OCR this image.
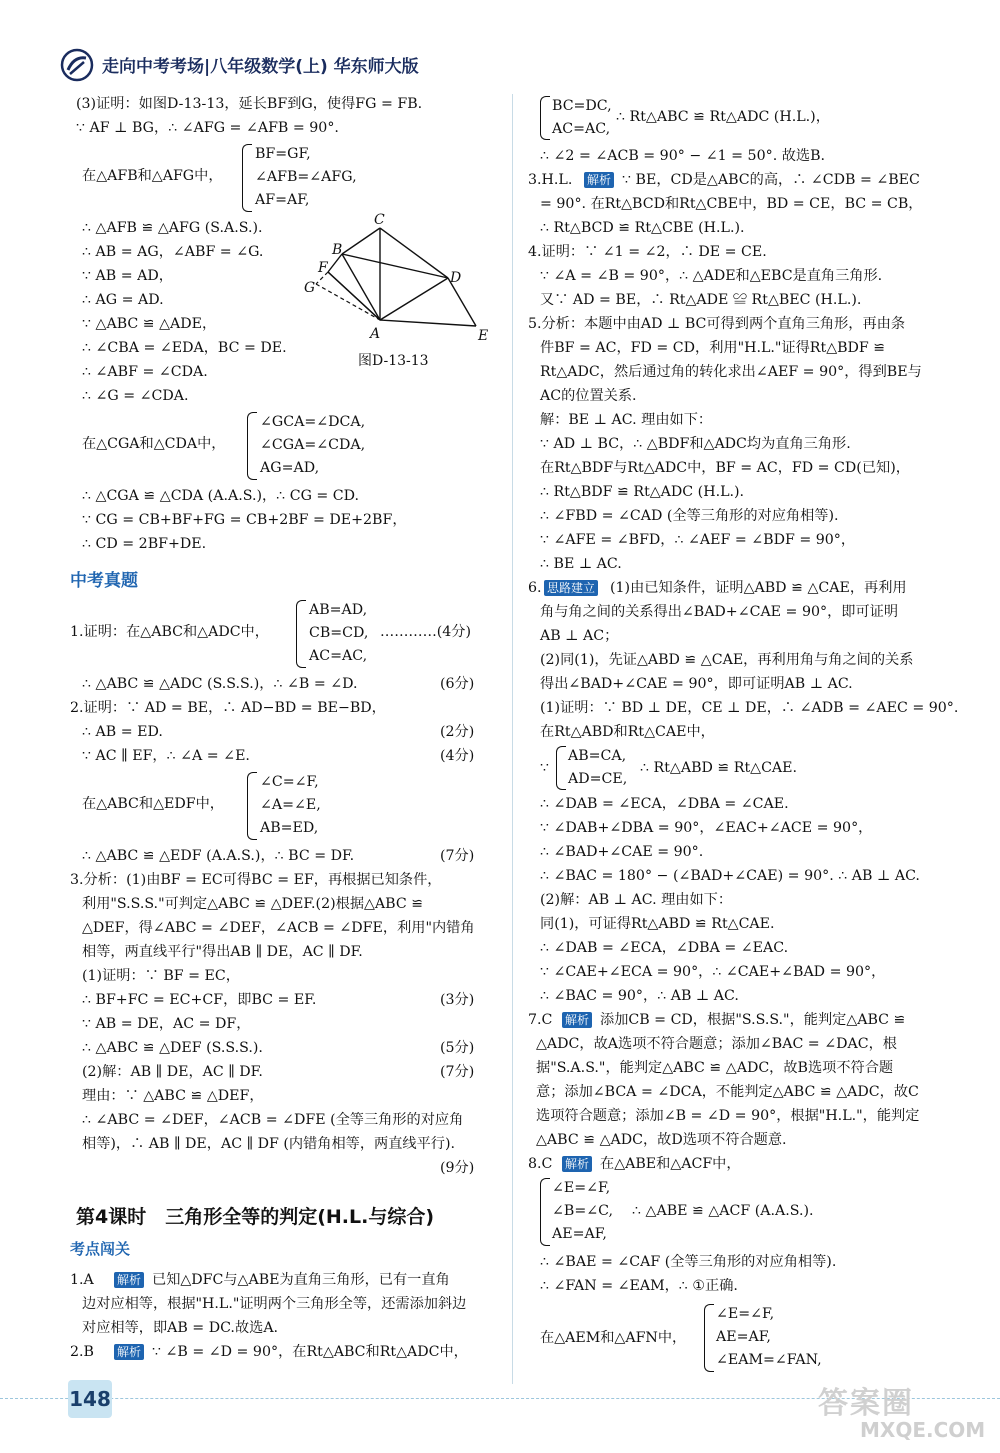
走向中考考场|八年级数学(上) 华东师大版
(3)证明：如图D-13-13，延长BF到G，使得FG = FB.
∵ AF ⊥ BG，∴ ∠AFG = ∠AFB = 90°.
在△AFB和△AFG中，
BF=GF,
∠AFB=∠AFG,
AF=AF,
∴ △AFB ≌ △AFG (S.A.S.).
∴ AB = AG，∠ABF = ∠G.
∵ AB = AD，
∴ AG = AD.
∵ △ABC ≌ △ADE，
∴ ∠CBA = ∠EDA，BC = DE.
∴ ∠ABF = ∠CDA.
∴ ∠G = ∠CDA.
在△CGA和△CDA中，
∠GCA=∠DCA,
∠CGA=∠CDA,
AG=AD,
∴ △CGA ≌ △CDA (A.A.S.)，∴ CG = CD.
∵ CG = CB+BF+FG = CB+2BF = DE+2BF，
∴ CD = 2BF+DE.
中考真题
1.证明：在△ABC和△ADC中，
AB=AD,
CB=CD,
AC=AC,
…………(4分)
∴ △ABC ≌ △ADC (S.S.S.)，∴ ∠B = ∠D.	(6分)
2.证明：∵ AD = BE，∴ AD−BD = BE−BD，
∴ AB = ED.	(2分)
∵ AC ∥ EF，∴ ∠A = ∠E.	(4分)
在△ABC和△EDF中，
∠C=∠F,
∠A=∠E,
AB=ED,
∴ △ABC ≌ △EDF (A.A.S.)，∴ BC = DF.	(7分)
3.分析：(1)由BF = EC可得BC = EF，再根据已知条件，
利用"S.S.S."可判定△ABC ≌ △DEF.(2)根据△ABC ≌
△DEF，得∠ABC = ∠DEF，∠ACB = ∠DFE，利用"内错角
相等，两直线平行"得出AB ∥ DE，AC ∥ DF.
(1)证明：∵ BF = EC，
∴ BF+FC = EC+CF，即BC = EF.	(3分)
∵ AB = DE，AC = DF，
∴ △ABC ≌ △DEF (S.S.S.).	(5分)
(2)解：AB ∥ DE，AC ∥ DF.	(7分)
理由：∵ △ABC ≌ △DEF，
∴ ∠ABC = ∠DEF，∠ACB = ∠DFE (全等三角形的对应角
相等)，∴ AB ∥ DE，AC ∥ DF (内错角相等，两直线平行).
(9分)
第4课时　三角形全等的判定(H.L.与综合)
考点闯关
1.A 解析 已知△DFC与△ABE为直角三角形，已有一直角
边对应相等，根据"H.L."证明两个三角形全等，还需添加斜边
对应相等，即AB = DC.故选A.
2.B 解析 ∵ ∠B = ∠D = 90°，在Rt△ABC和Rt△ADC中，
C
B
F
G
D
A	E
图D-13-13
BC=DC,
AC=AC,
∴ Rt△ABC ≌ Rt△ADC (H.L.)，
∴ ∠2 = ∠ACB = 90° − ∠1 = 50°. 故选B.
3.H.L. 解析 ∵ BE，CD是△ABC的高，∴ ∠CDB = ∠BEC
= 90°. 在Rt△BCD和Rt△CBE中，BD = CE，BC = CB，
∴ Rt△BCD ≌ Rt△CBE (H.L.).
4.证明：∵ ∠1 = ∠2，∴ DE = CE.
∵ ∠A = ∠B = 90°，∴ △ADE和△EBC是直角三角形.
又∵ AD = BE，∴ Rt△ADE ≌ Rt△BEC (H.L.).
5.分析：本题中由AD ⊥ BC可得到两个直角三角形，再由条
件BF = AC，FD = CD，利用"H.L."证得Rt△BDF ≌
Rt△ADC，然后通过角的转化求出∠AEF = 90°，得到BE与
AC的位置关系.
解：BE ⊥ AC. 理由如下：
∵ AD ⊥ BC，∴ △BDF和△ADC均为直角三角形.
在Rt△BDF与Rt△ADC中，BF = AC，FD = CD(已知)，
∴ Rt△BDF ≌ Rt△ADC (H.L.).
∴ ∠FBD = ∠CAD (全等三角形的对应角相等).
∵ ∠AFE = ∠BFD，∴ ∠AEF = ∠BDF = 90°，
∴ BE ⊥ AC.
6. 思路建立 (1)由已知条件，证明△ABD ≌ △CAE，再利用
角与角之间的关系得出∠BAD+∠CAE = 90°，即可证明
AB ⊥ AC；
(2)同(1)，先证△ABD ≌ △CAE，再利用角与角之间的关系
得出∠BAD+∠CAE = 90°，即可证明AB ⊥ AC.
(1)证明：∵ BD ⊥ DE，CE ⊥ DE，∴ ∠ADB = ∠AEC = 90°.
在Rt△ABD和Rt△CAE中，
∵
AB=CA,
AD=CE,
∴ Rt△ABD ≌ Rt△CAE.
∴ ∠DAB = ∠ECA，∠DBA = ∠CAE.
∵ ∠DAB+∠DBA = 90°，∠EAC+∠ACE = 90°，
∴ ∠BAD+∠CAE = 90°.
∴ ∠BAC = 180° − (∠BAD+∠CAE) = 90°. ∴ AB ⊥ AC.
(2)解：AB ⊥ AC. 理由如下：
同(1)，可证得Rt△ABD ≌ Rt△CAE.
∴ ∠DAB = ∠ECA，∠DBA = ∠EAC.
∵ ∠CAE+∠ECA = 90°，∴ ∠CAE+∠BAD = 90°，
∴ ∠BAC = 90°，∴ AB ⊥ AC.
7.C 解析 添加CB = CD，根据"S.S.S."，能判定△ABC ≌
△ADC，故A选项不符合题意；添加∠BAC = ∠DAC，根
据"S.A.S."，能判定△ABC ≌ △ADC，故B选项不符合题
意；添加∠BCA = ∠DCA，不能判定△ABC ≌ △ADC，故C
选项符合题意；添加∠B = ∠D = 90°，根据"H.L."，能判定
△ABC ≌ △ADC，故D选项不符合题意.
8.C 解析 在△ABE和△ACF中，
∠E=∠F,
∠B=∠C,
AE=AF,
∴ △ABE ≌ △ACF (A.A.S.).
∴ ∠BAE = ∠CAF (全等三角形的对应角相等).
∴ ∠FAN = ∠EAM，∴ ①正确.
在△AEM和△AFN中，
∠E=∠F,
AE=AF,
∠EAM=∠FAN,
148	答案圈
MXQE.COM
